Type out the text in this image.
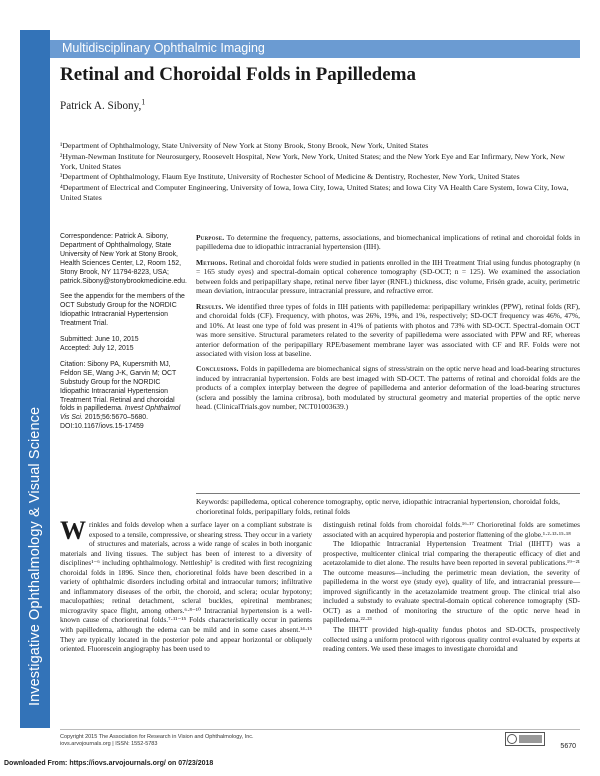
Investigative Ophthalmology & Visual Science
Multidisciplinary Ophthalmic Imaging
Retinal and Choroidal Folds in Papilledema
Patrick A. Sibony,$^1$

¹Department of Ophthalmology, State University of New York at Stony Brook, Stony Brook, New York, United States

²Hyman-Newman Institute for Neurosurgery, Roosevelt Hospital, New York, New York, United States; and the New York Eye and Ear Infirmary, New York, New York, United States

³Department of Ophthalmology, Flaum Eye Institute, University of Rochester School of Medicine & Dentistry, Rochester, New York, United States

⁴Department of Electrical and Computer Engineering, University of Iowa, Iowa City, Iowa, United States; and Iowa City VA Health Care System, Iowa City, Iowa, United States

Correspondence: Patrick A. Sibony, Department of Ophthalmology, State University of New York at Stony Brook, Health Sciences Center, L2, Room 152, Stony Brook, NY 11794-8223, USA; patrick.Sibony@stonybrookmedicine.edu.

See the appendix for the members of the OCT Substudy Group for the NORDIC Idiopathic Intracranial Hypertension Treatment Trial.

Submitted: June 10, 2015
Accepted: July 12, 2015

Citation: Sibony PA, Kupersmith MJ, Feldon SE, Wang J-K, Garvin M; OCT Substudy Group for the NORDIC Idiopathic Intracranial Hypertension Treatment Trial. Retinal and choroidal folds in papilledema. Invest Ophthalmol Vis Sci. 2015;56:5670–5680. DOI:10.1167/iovs.15-17459

Purpose. To determine the frequency, patterns, associations, and biomechanical implications of retinal and choroidal folds in papilledema due to idiopathic intracranial hypertension (IIH).

Methods. Retinal and choroidal folds were studied in patients enrolled in the IIH Treatment Trial using fundus photography (n = 165 study eyes) and spectral-domain optical coherence tomography (SD-OCT; n = 125). We examined the association between folds and peripapillary shape, retinal nerve fiber layer (RNFL) thickness, disc volume, Frisén grade, acuity, perimetric mean deviation, intraocular pressure, intracranial pressure, and refractive error.

Results. We identified three types of folds in IIH patients with papilledema: peripapillary wrinkles (PPW), retinal folds (RF), and choroidal folds (CF). Frequency, with photos, was 26%, 19%, and 1%, respectively; SD-OCT frequency was 46%, 47%, and 10%. At least one type of fold was present in 41% of patients with photos and 73% with SD-OCT. Spectral-domain OCT was more sensitive. Structural parameters related to the severity of papilledema were associated with PPW and RF, whereas anterior deformation of the peripapillary RPE/basement membrane layer was associated with CF and RF. Folds were not associated with vision loss at baseline.

Conclusions. Folds in papilledema are biomechanical signs of stress/strain on the optic nerve head and load-bearing structures induced by intracranial hypertension. Folds are best imaged with SD-OCT. The patterns of retinal and choroidal folds are the products of a complex interplay between the degree of papilledema and anterior deformation of the load-bearing structures (sclera and possibly the lamina cribrosa), both modulated by structural geometry and material properties of the optic nerve head. (ClinicalTrials.gov number, NCT01003639.)

Keywords: papilledema, optical coherence tomography, optic nerve, idiopathic intracranial hypertension, choroidal folds, chorioretinal folds, peripapillary folds, retinal folds
Wrinkles and folds develop when a surface layer on a compliant substrate is exposed to a tensile, compressive, or shearing stress. They occur in a variety of structures and materials, across a wide range of scales in both inorganic materials and living tissues. The subject has been of interest to a diversity of disciplines¹⁻⁶ including ophthalmology. Nettleship⁷ is credited with first recognizing choroidal folds in 1896. Since then, chorioretinal folds have been described in a variety of ophthalmic disorders including orbital and intraocular tumors; infiltrative and inflammatory diseases of the orbit, the choroid, and sclera; ocular hypotony; maculopathies; retinal detachment, scleral buckles, epiretinal membranes; microgravity space flight, among others.⁶·⁸⁻¹⁰ Intracranial hypertension is a well-known cause of chorioretinal folds.⁷·¹¹⁻¹⁵ Folds characteristically occur in patients with papilledema, although the edema can be mild and in some cases absent.¹⁴·¹⁵ They are typically located in the posterior pole and appear horizontal or obliquely oriented. Fluorescein angiography has been used to

distinguish retinal folds from choroidal folds.¹⁶·¹⁷ Chorioretinal folds are sometimes associated with an acquired hyperopia and posterior flattening of the globe.¹·²·¹³·¹⁵·¹⁸

The Idiopathic Intracranial Hypertension Treatment Trial (IIHTT) was a prospective, multicenter clinical trial comparing the therapeutic efficacy of diet and acetazolamide to diet alone. The results have been reported in several publications.¹⁹⁻²¹ The outcome measures—including the perimetric mean deviation, the severity of papilledema in the worst eye (study eye), quality of life, and intracranial pressure—improved significantly in the acetazolamide treatment group. The clinical trial also included a substudy to evaluate spectral-domain optical coherence tomography (SD-OCT) as a method of monitoring the structure of the optic nerve head in papilledema.²²·²³

The IIHTT provided high-quality fundus photos and SD-OCTs, prospectively collected using a uniform protocol with rigorous quality control evaluated by experts at reading centers. We used these images to investigate choroidal and

Copyright 2015 The Association for Research in Vision and Ophthalmology, Inc.
iovs.arvojournals.org | ISSN: 1552-5783	5670
Downloaded From: https://iovs.arvojournals.org/ on 07/23/2018
